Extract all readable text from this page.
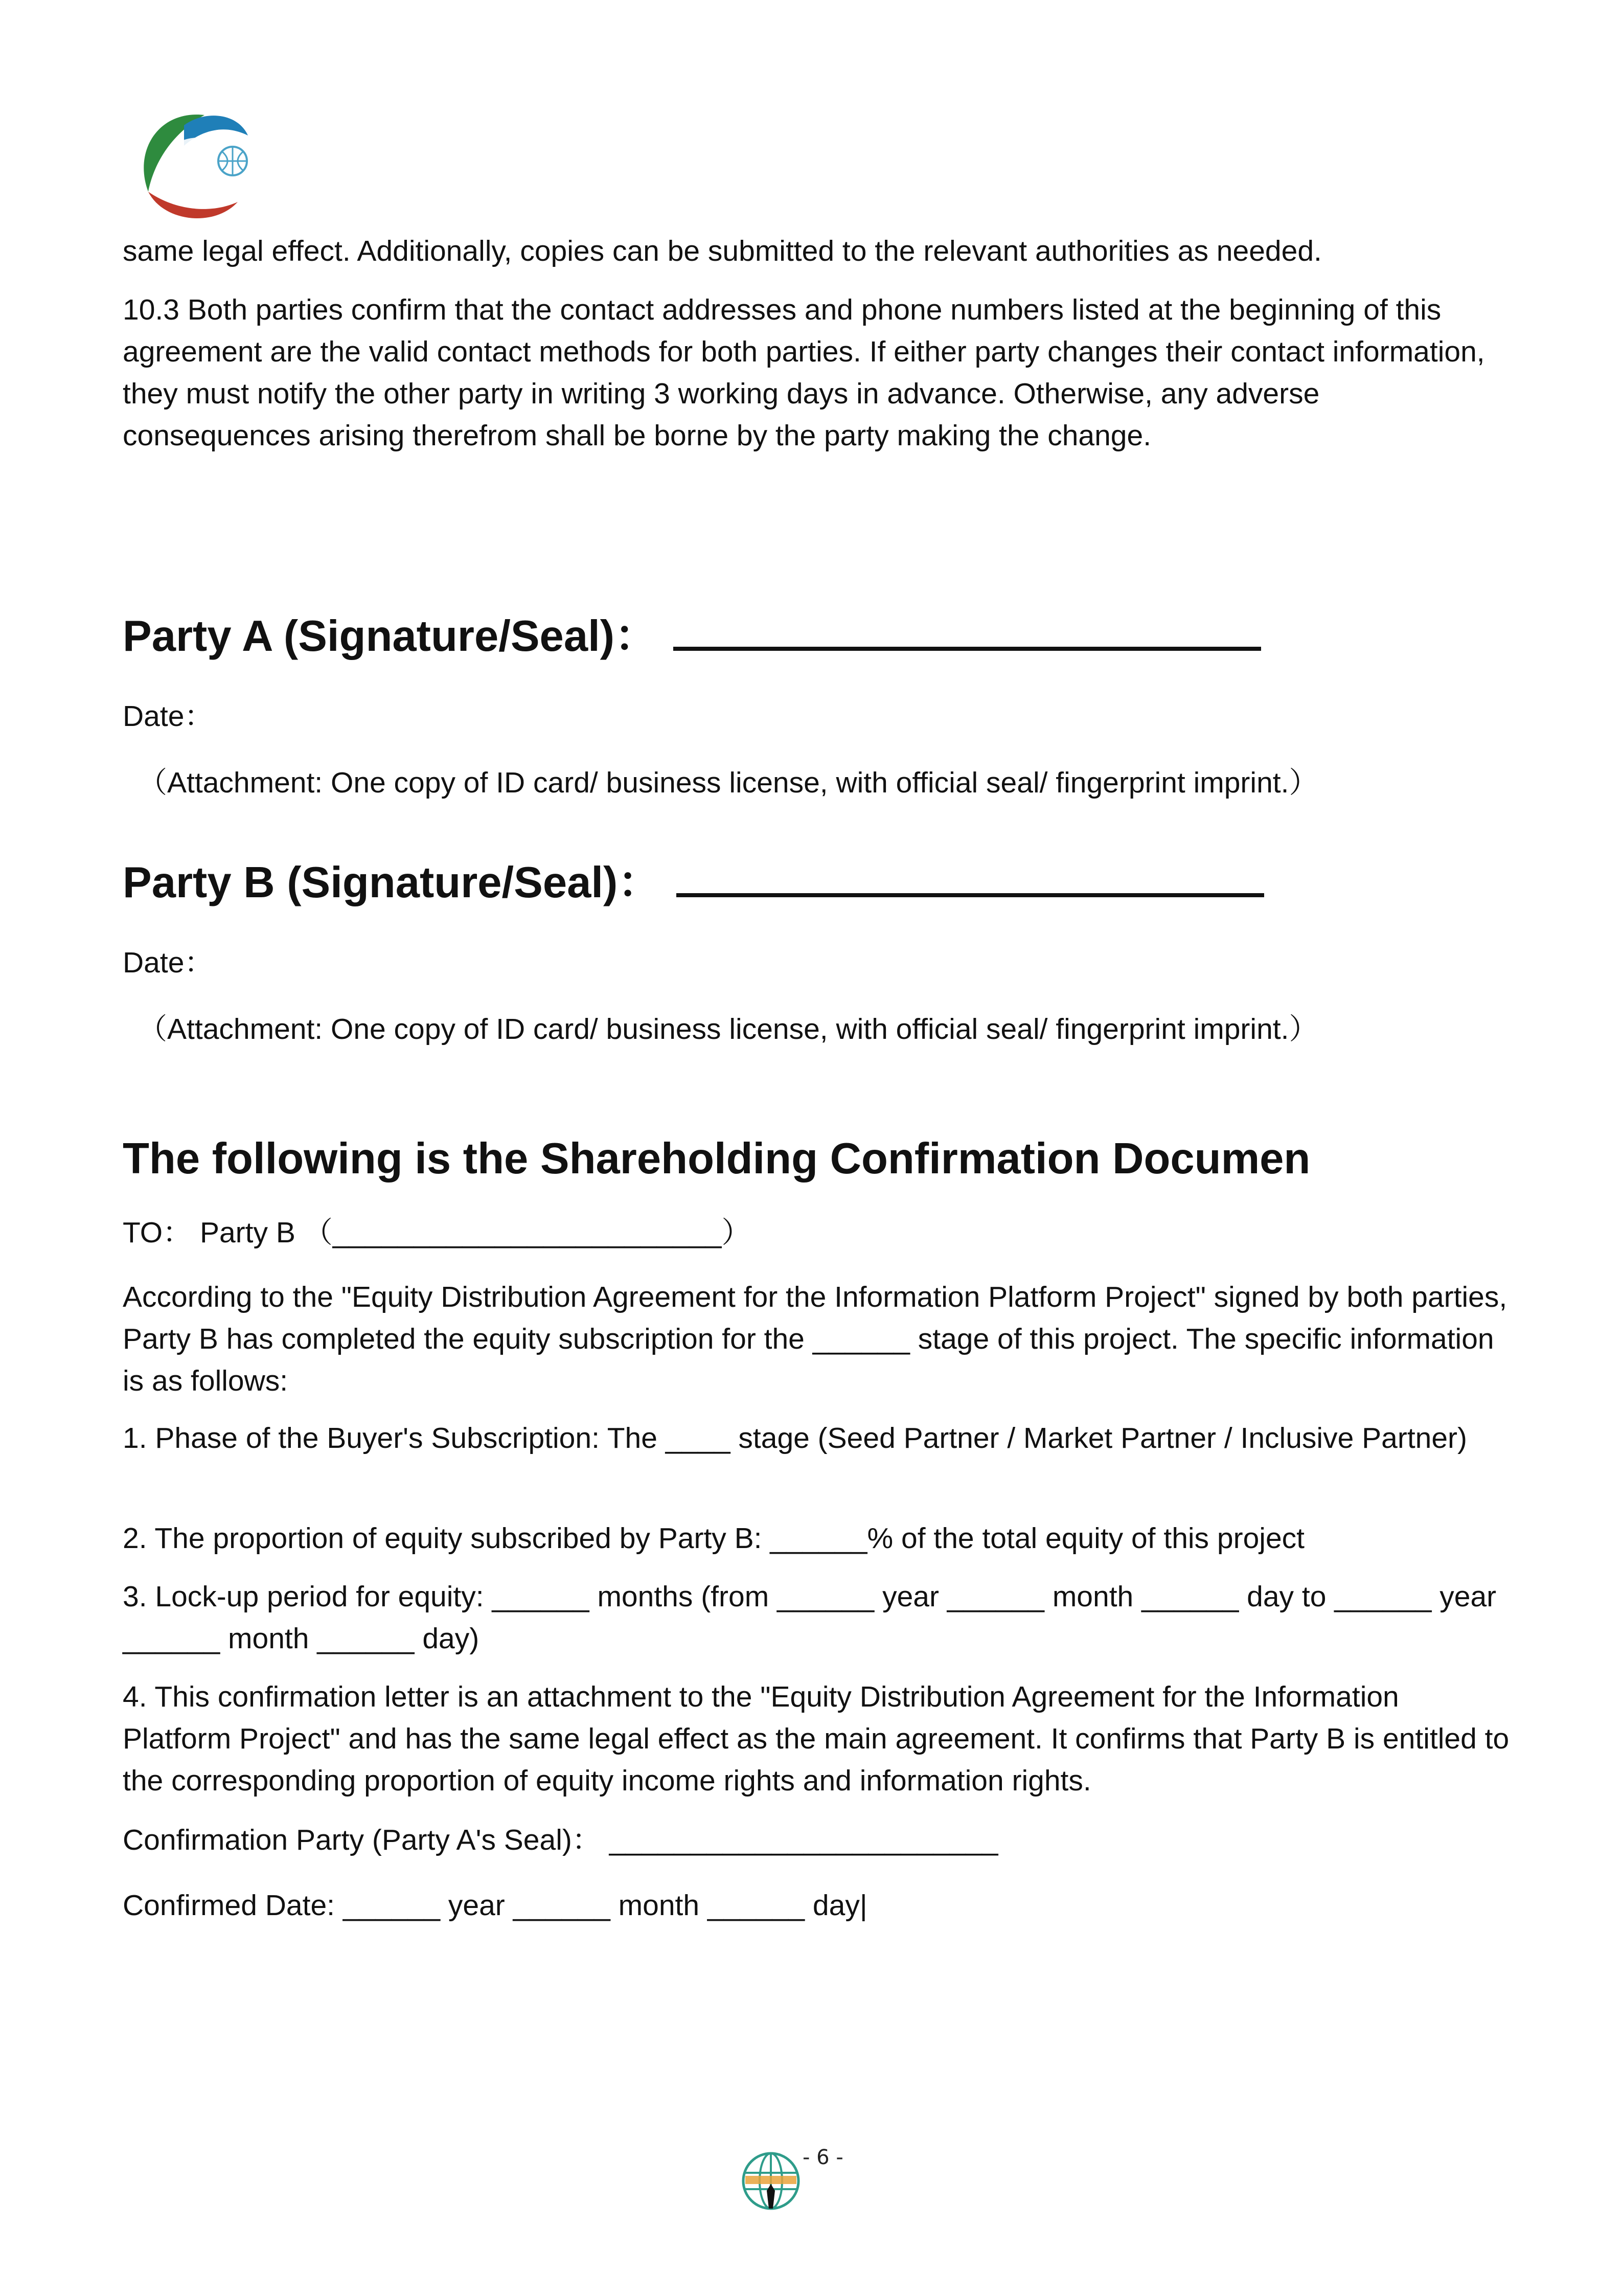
same legal effect. Additionally, copies can be submitted to the relevant authorities as needed.

10.3 Both parties confirm that the contact addresses and phone numbers listed at the beginning of this agreement are the valid contact methods for both parties. If either party changes their contact information, they must notify the other party in writing 3 working days in advance. Otherwise, any adverse consequences arising therefrom shall be borne by the party making the change.

Party A (Signature/Seal)：

Date：

（Attachment: One copy of ID card/ business license, with official seal/ fingerprint imprint.）

Party B (Signature/Seal)：

Date：

（Attachment: One copy of ID card/ business license, with official seal/ fingerprint imprint.）

The following is the Shareholding Confirmation Documen

TO： Party B （________________________）

According to the "Equity Distribution Agreement for the Information Platform Project" signed by both parties, Party B has completed the equity subscription for the ______ stage of this project. The specific information is as follows:

1. Phase of the Buyer's Subscription: The ____ stage (Seed Partner / Market Partner / Inclusive Partner)

2. The proportion of equity subscribed by Party B: ______% of the total equity of this project

3. Lock-up period for equity: ______ months (from ______ year ______ month ______ day to ______ year ______ month ______ day)

4. This confirmation letter is an attachment to the "Equity Distribution Agreement for the Information Platform Project" and has the same legal effect as the main agreement. It confirms that Party B is entitled to the corresponding proportion of equity income rights and information rights.

Confirmation Party (Party A's Seal)： ________________________

Confirmed Date: ______ year ______ month ______ day|

- 6 -
